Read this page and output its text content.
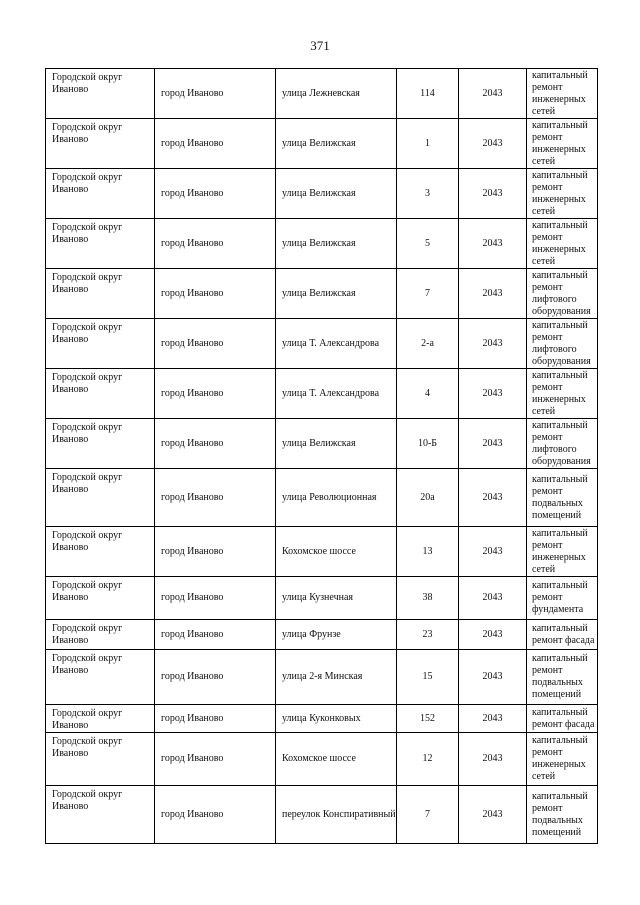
371
Городской округ Иваново	город Иваново	улица Лежневская	114	2043	капитальный ремонт инженерных сетей
Городской округ Иваново	город Иваново	улица Велижская	1	2043	капитальный ремонт инженерных сетей
Городской округ Иваново	город Иваново	улица Велижская	3	2043	капитальный ремонт инженерных сетей
Городской округ Иваново	город Иваново	улица Велижская	5	2043	капитальный ремонт инженерных сетей
Городской округ Иваново	город Иваново	улица Велижская	7	2043	капитальный ремонт лифтового оборудования
Городской округ Иваново	город Иваново	улица Т. Александрова	2-а	2043	капитальный ремонт лифтового оборудования
Городской округ Иваново	город Иваново	улица Т. Александрова	4	2043	капитальный ремонт инженерных сетей
Городской округ Иваново	город Иваново	улица Велижская	10-Б	2043	капитальный ремонт лифтового оборудования
Городской округ Иваново	город Иваново	улица Революционная	20а	2043	капитальный ремонт подвальных помещений
Городской округ Иваново	город Иваново	Кохомское шоссе	13	2043	капитальный ремонт инженерных сетей
Городской округ Иваново	город Иваново	улица Кузнечная	38	2043	капитальный ремонт фундамента
Городской округ Иваново	город Иваново	улица Фрунзе	23	2043	капитальный ремонт фасада
Городской округ Иваново	город Иваново	улица 2-я Минская	15	2043	капитальный ремонт подвальных помещений
Городской округ Иваново	город Иваново	улица Куконковых	152	2043	капитальный ремонт фасада
Городской округ Иваново	город Иваново	Кохомское шоссе	12	2043	капитальный ремонт инженерных сетей
Городской округ Иваново	город Иваново	переулок Конспиративный	7	2043	капитальный ремонт подвальных помещений
